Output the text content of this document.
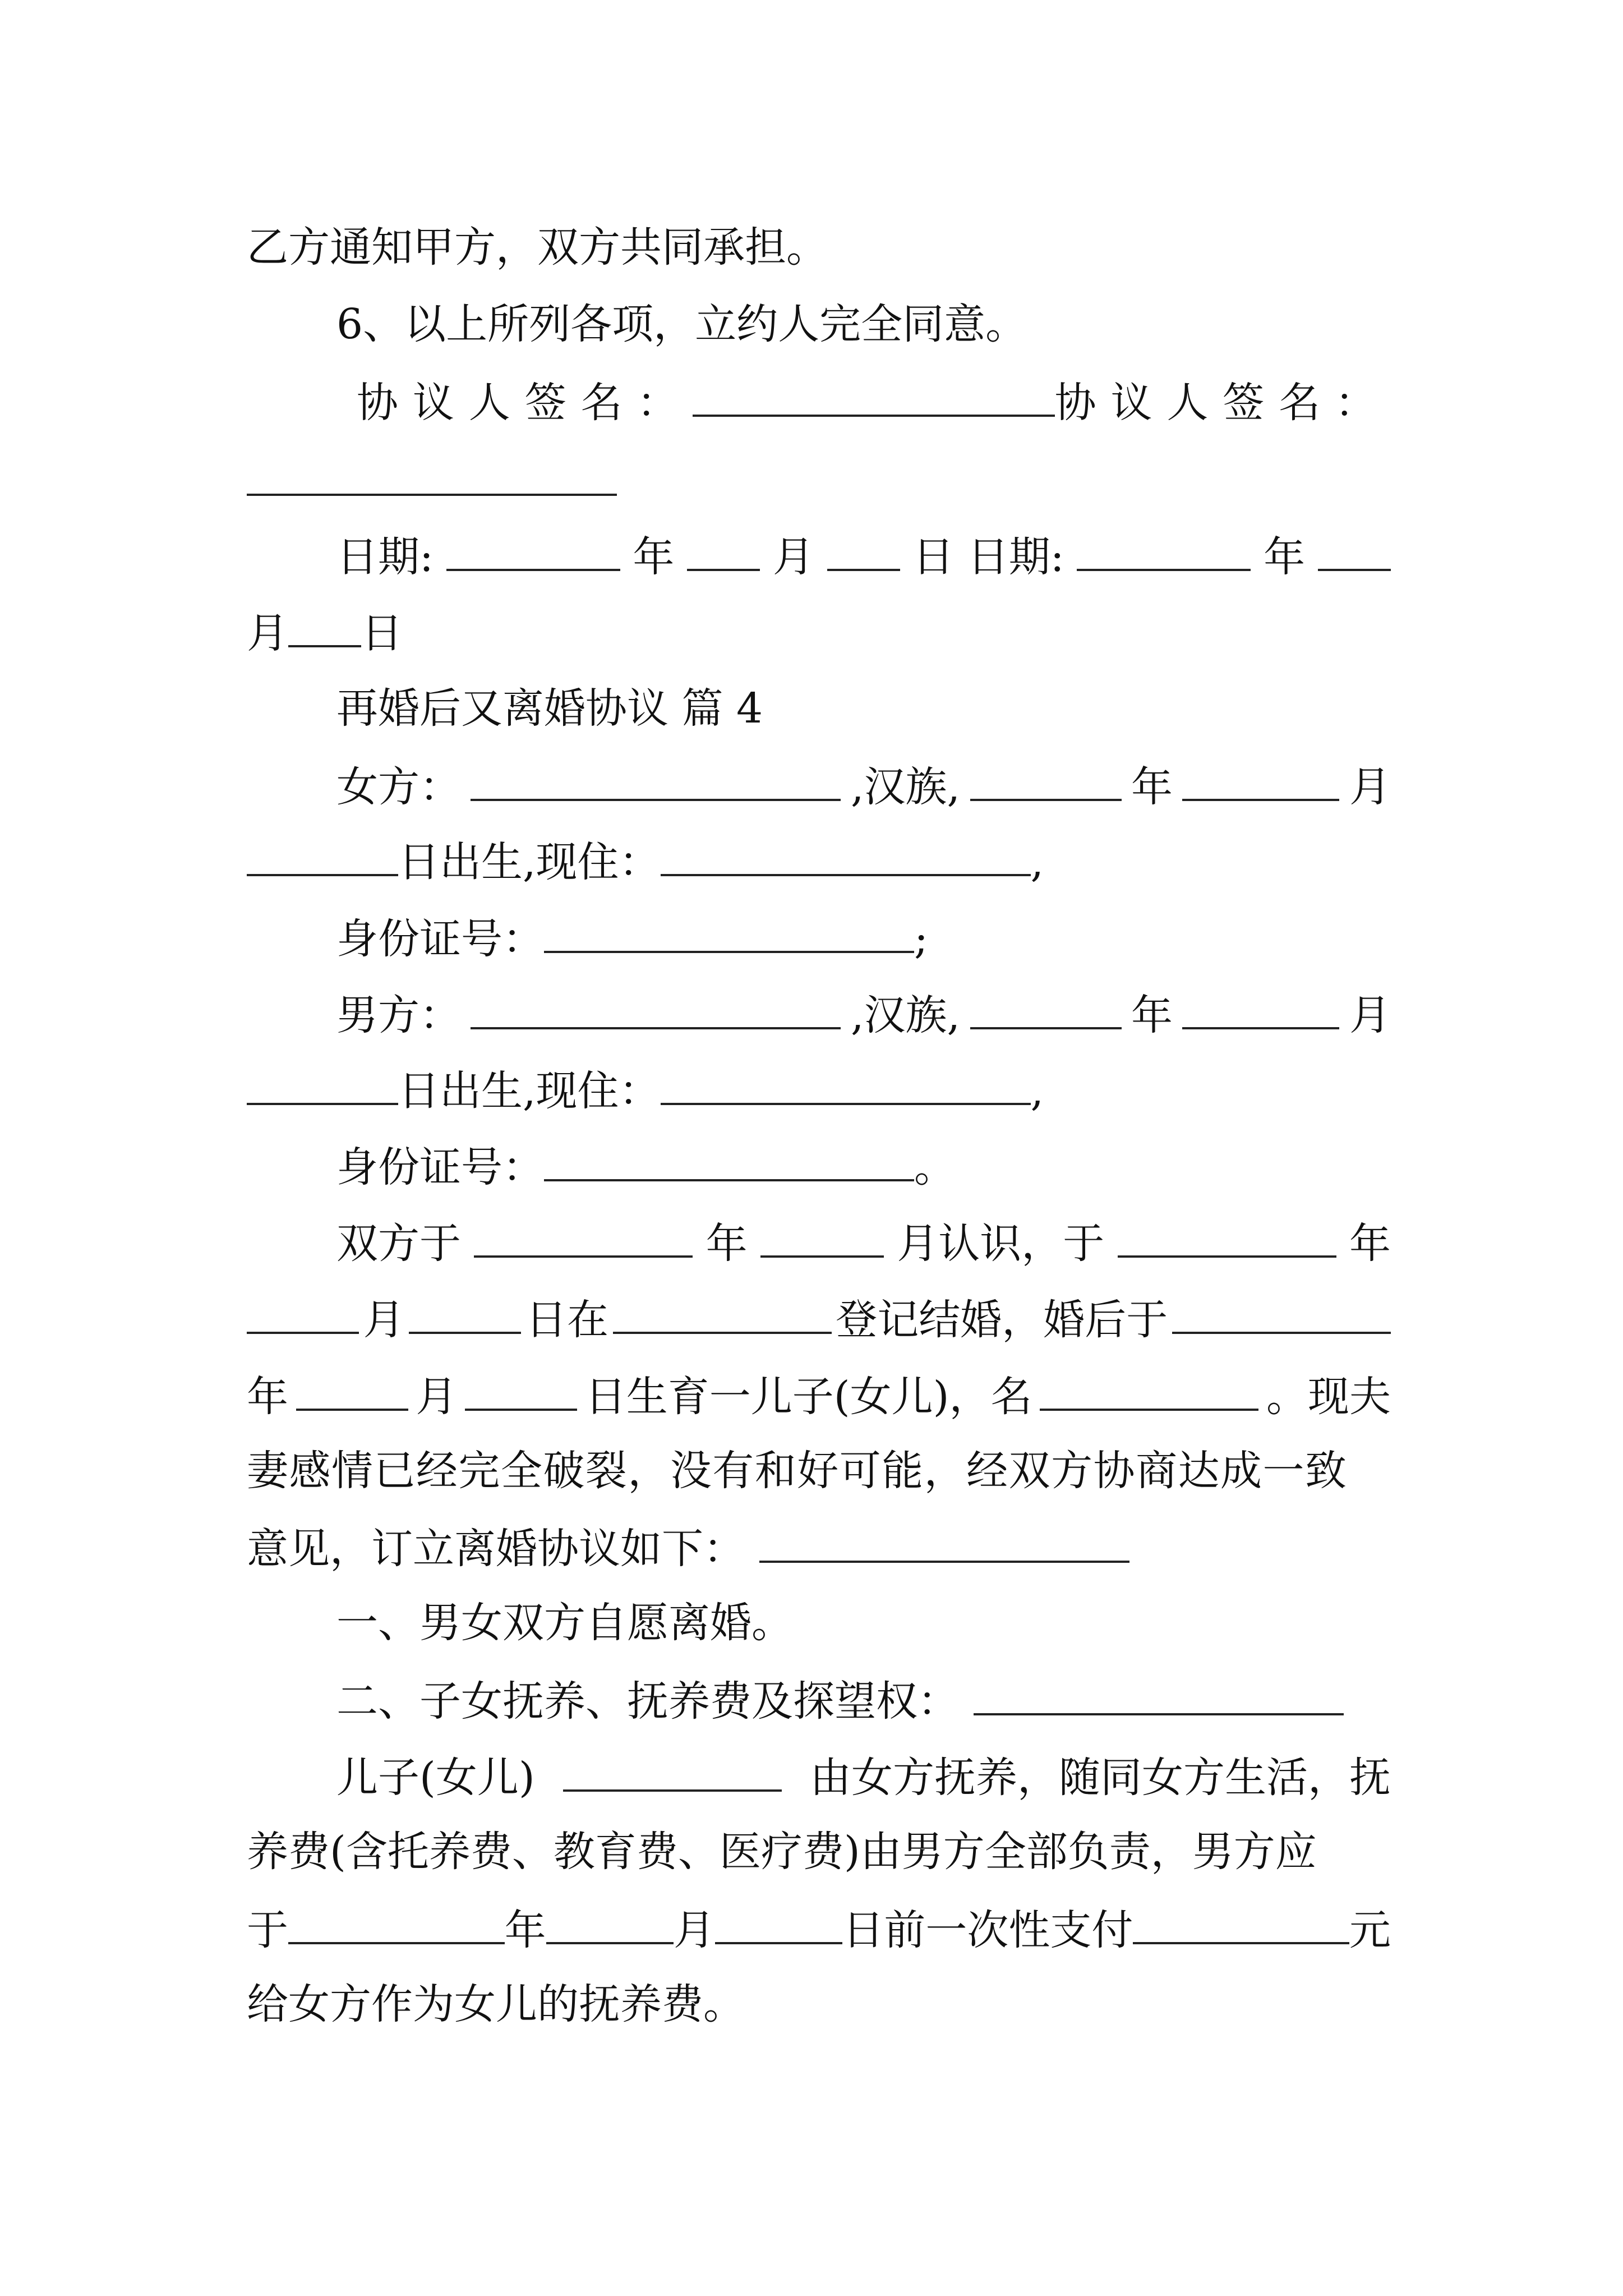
乙方通知甲方，双方共同承担。
6、以上所列各项，立约人完全同意。
协议人签名：	协议人签名：
日期:	年 月 日 日期:	年
月 日
再婚后又离婚协议 篇 4
女方：	,汉族,	年	月
日出生,现住：	,
身份证号：	;
男方：	,汉族,	年	月
日出生,现住：	,
身份证号：	。
双方于	年	月认识，于	年
月	日在	登记结婚，婚后于
年	月	日生育一儿子(女儿)，名	。现夫
妻感情已经完全破裂，没有和好可能，经双方协商达成一致
意见，订立离婚协议如下：
一、男女双方自愿离婚。
二、子女抚养、抚养费及探望权：
儿子(女儿)	由女方抚养，随同女方生活，抚
养费(含托养费、教育费、医疗费)由男方全部负责，男方应
于	年	月	日前一次性支付	元
给女方作为女儿的抚养费。
